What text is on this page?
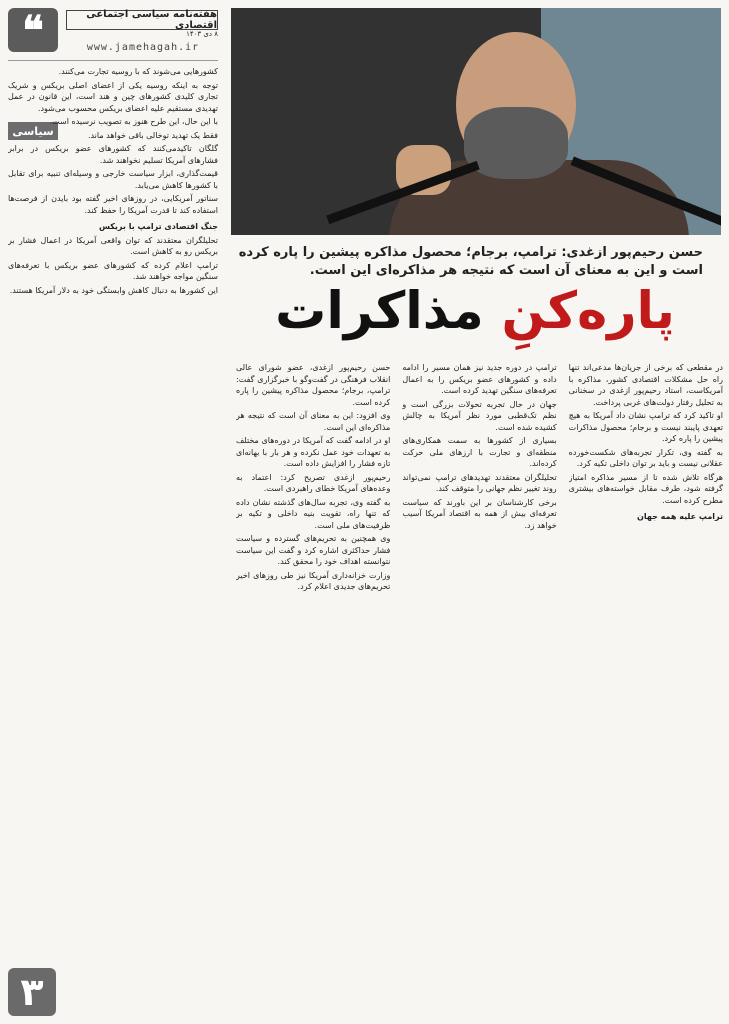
❝	هفته‌نامه سیاسی اجتماعی اقتصادی
۸ دی ۱۴۰۳
www.jamehagah.ir
سیاسی

کشورهایی می‌شوند که با روسیه تجارت می‌کنند.

توجه به اینکه روسیه یکی از اعضای اصلی بریکس و شریک تجاری کلیدی کشورهای چین و هند است، این قانون در عمل تهدیدی مستقیم علیه اعضای بریکس محسوب می‌شود.

با این حال، این طرح هنوز به تصویب نرسیده است.

فقط یک تهدید توخالی باقی خواهد ماند.

گلگان تاکیدمی‌کنند که کشورهای عضو بریکس در برابر فشارهای آمریکا تسلیم نخواهند شد.

قیمت‌گذاری، ابزار سیاست خارجی و وسیله‌ای تنبیه برای تقابل با کشورها کاهش می‌یابد.

سناتور آمریکایی، در روزهای اخیر گفته بود بایدن از فرصت‌ها استفاده کند تا قدرت آمریکا را حفظ کند.

جنگ اقتصادی ترامپ با بریکس

تحلیلگران معتقدند که توان واقعی آمریکا در اعمال فشار بر بریکس رو به کاهش است.

ترامپ اعلام کرده که کشورهای عضو بریکس با تعرفه‌های سنگین مواجه خواهند شد.

این کشورها به دنبال کاهش وابستگی خود به دلار آمریکا هستند.

۳
حسن رحیم‌پور ازغدی: ترامپ، برجام؛ محصول مذاکره پیشین را پاره کرده است و این به معنای آن است که نتیجه هر مذاکره‌ای این است.
پاره‌کنِ مذاکرات

در مقطعی که برخی از جریان‌ها مدعی‌اند تنها راه حل مشکلات اقتصادی کشور، مذاکره با آمریکاست، استاد رحیم‌پور ازغدی در سخنانی به تحلیل رفتار دولت‌های غربی پرداخت.

او تاکید کرد که ترامپ نشان داد آمریکا به هیچ تعهدی پایبند نیست و برجام؛ محصول مذاکرات پیشین را پاره کرد.

به گفته وی، تکرار تجربه‌های شکست‌خورده عقلانی نیست و باید بر توان داخلی تکیه کرد.

هرگاه تلاش شده تا از مسیر مذاکره امتیاز گرفته شود، طرف مقابل خواسته‌های بیشتری مطرح کرده است.

ترامپ علیه همه جهان

ترامپ در دوره جدید نیز همان مسیر را ادامه داده و کشورهای عضو بریکس را به اعمال تعرفه‌های سنگین تهدید کرده است.

جهان در حال تجربه تحولات بزرگی است و نظم تک‌قطبی مورد نظر آمریکا به چالش کشیده شده است.

بسیاری از کشورها به سمت همکاری‌های منطقه‌ای و تجارت با ارزهای ملی حرکت کرده‌اند.

تحلیلگران معتقدند تهدیدهای ترامپ نمی‌تواند روند تغییر نظم جهانی را متوقف کند.

برخی کارشناسان بر این باورند که سیاست تعرفه‌ای بیش از همه به اقتصاد آمریکا آسیب خواهد زد.

حسن رحیم‌پور ازغدی، عضو شورای عالی انقلاب فرهنگی در گفت‌وگو با خبرگزاری گفت: ترامپ، برجام؛ محصول مذاکره پیشین را پاره کرده است.

وی افزود: این به معنای آن است که نتیجه هر مذاکره‌ای این است.

او در ادامه گفت که آمریکا در دوره‌های مختلف به تعهدات خود عمل نکرده و هر بار با بهانه‌ای تازه فشار را افزایش داده است.

رحیم‌پور ازغدی تصریح کرد: اعتماد به وعده‌های آمریکا خطای راهبردی است.

به گفته وی، تجربه سال‌های گذشته نشان داده که تنها راه، تقویت بنیه داخلی و تکیه بر ظرفیت‌های ملی است.

وی همچنین به تحریم‌های گسترده و سیاست فشار حداکثری اشاره کرد و گفت این سیاست نتوانسته اهداف خود را محقق کند.

وزارت خزانه‌داری آمریکا نیز طی روزهای اخیر تحریم‌های جدیدی اعلام کرد.
